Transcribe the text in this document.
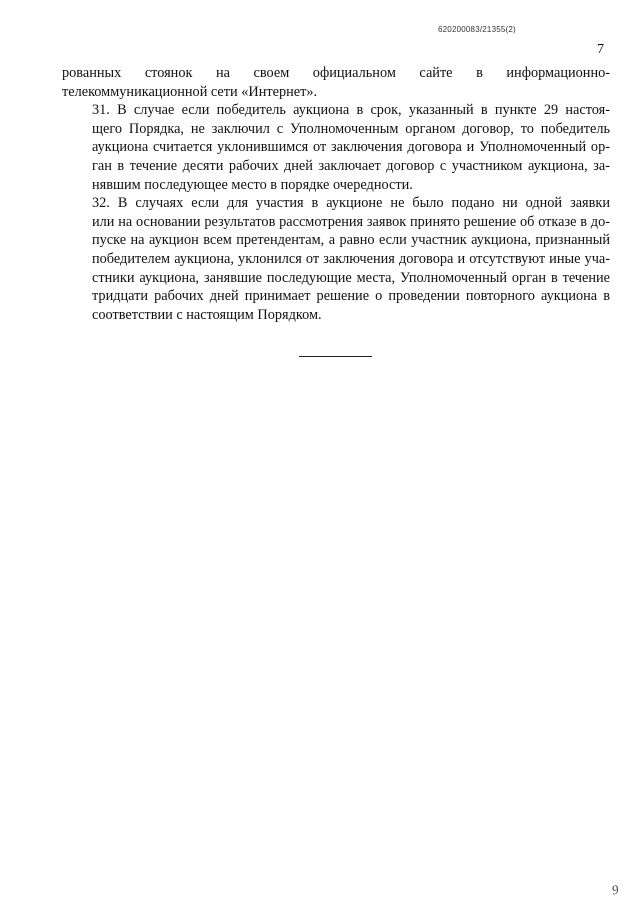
620200083/21355(2)
7

рованных стоянок на своем официальном сайте в информационно-
телекоммуникационной сети «Интернет».

31. В случае если победитель аукциона в срок, указанный в пункте 29 настоя-
щего Порядка, не заключил с Уполномоченным органом договор, то победитель
аукциона считается уклонившимся от заключения договора и Уполномоченный ор-
ган в течение десяти рабочих дней заключает договор с участником аукциона, за-
нявшим последующее место в порядке очередности.

32. В случаях если для участия в аукционе не было подано ни одной заявки
или на основании результатов рассмотрения заявок принято решение об отказе в до-
пуске на аукцион всем претендентам, а равно если участник аукциона, признанный
победителем аукциона, уклонился от заключения договора и отсутствуют иные уча-
стники аукциона, занявшие последующие места, Уполномоченный орган в течение
тридцати рабочих дней принимает решение о проведении повторного аукциона в
соответствии с настоящим Порядком.

9
